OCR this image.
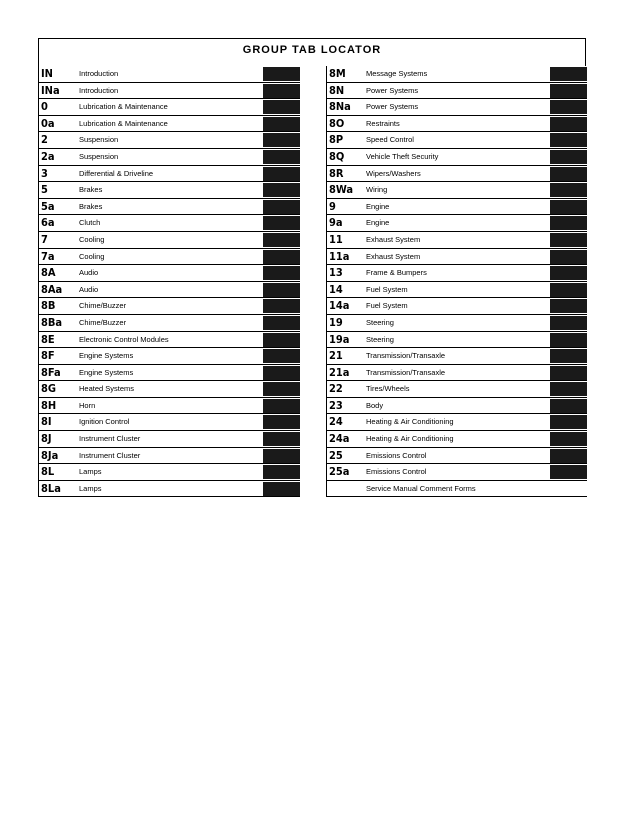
GROUP TAB LOCATOR
IN	Introduction
INa	Introduction
0	Lubrication & Maintenance
0a	Lubrication & Maintenance
2	Suspension
2a	Suspension
3	Differential & Driveline
5	Brakes
5a	Brakes
6a	Clutch
7	Cooling
7a	Cooling
8A	Audio
8Aa Audio
8B	Chime/Buzzer
8Ba Chime/Buzzer
8E	Electronic Control Modules
8F	Engine Systems
8Fa Engine Systems
8G	Heated Systems
8H	Horn
8I	Ignition Control
8J	Instrument Cluster
8Ja	Instrument Cluster
8L	Lamps
8La Lamps
8M	Message Systems
8N	Power Systems
8Na Power Systems
8O	Restraints
8P	Speed Control
8Q	Vehicle Theft Security
8R	Wipers/Washers
8Wa Wiring
9	Engine
9a	Engine
11	Exhaust System
11a Exhaust System
13	Frame & Bumpers
14	Fuel System
14a Fuel System
19	Steering
19a Steering
21	Transmission/Transaxle
21a Transmission/Transaxle
22	Tires/Wheels
23	Body
24	Heating & Air Conditioning
24a Heating & Air Conditioning
25	Emissions Control
25a Emissions Control
Service Manual Comment Forms
